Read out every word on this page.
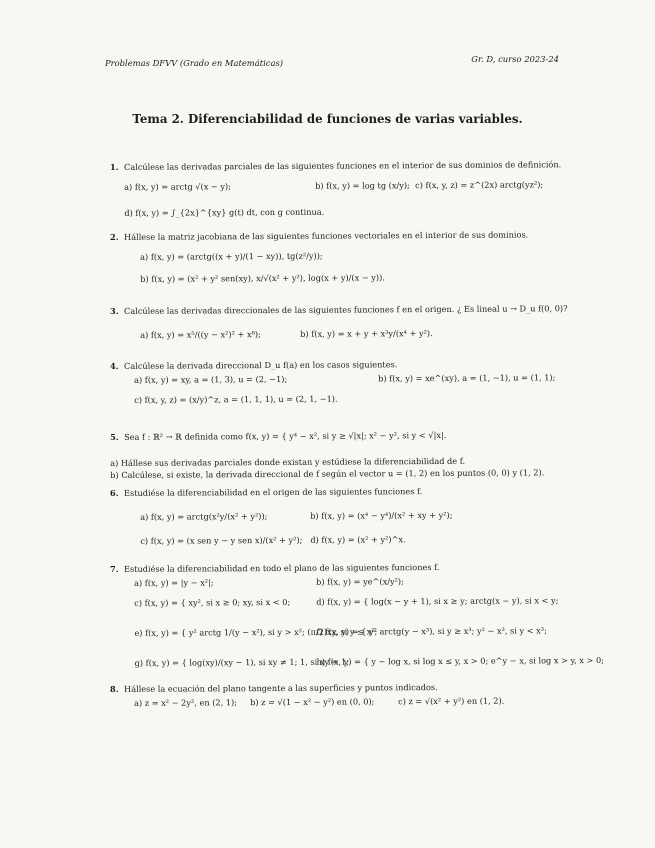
Problemas DFVV (Grado en Matemáticas)	Gr. D, curso 2023-24
Tema 2. Diferenciabilidad de funciones de varias variables.
1. Calcúlese las derivadas parciales de las siguientes funciones en el interior de sus dominios de definición.
a) f(x, y) = arctg √(x − y);	b) f(x, y) = log tg (x/y); c) f(x, y, z) = z^(2x) arctg(yz²);
d) f(x, y) = ∫_{2x}^{xy} g(t) dt, con g continua.
2. Hállese la matriz jacobiana de las siguientes funciones vectoriales en el interior de sus dominios.
a) f(x, y) = (arctg((x + y)/(1 − xy)), tg(z²/y));
b) f(x, y) = (x² + y² sen(xy), x/√(x² + y²), log(x + y)/(x − y)).
3. Calcúlese las derivadas direccionales de las siguientes funciones f en el origen. ¿ Es lineal u → D_u f(0, 0)?
a) f(x, y) = x⁵/((y − x²)² + x⁸);	b) f(x, y) = x + y + x³y/(x⁴ + y²).
4. Calcúlese la derivada direccional D_u f(a) en los casos siguientes.
a) f(x, y) = xy, a = (1, 3), u = (2, −1);	b) f(x, y) = xe^(xy), a = (1, −1), u = (1, 1);
c) f(x, y, z) = (x/y)^z, a = (1, 1, 1), u = (2, 1, −1).
5. Sea f : ℝ² → ℝ definida como f(x, y) = { y⁴ − x², si y ≥ √|x|; x² − y², si y < √|x|.
a) Hállese sus derivadas parciales donde existan y estúdiese la diferenciabilidad de f.
b) Calcúlese, si existe, la derivada direccional de f según el vector u = (1, 2) en los puntos (0, 0) y (1, 2).
6. Estudiése la diferenciabilidad en el origen de las siguientes funciones f.
a) f(x, y) = arctg(x²y/(x² + y²));	b) f(x, y) = (x⁴ − y⁴)/(x² + xy + y²);
c) f(x, y) = (x sen y − y sen x)/(x² + y²); d) f(x, y) = (x² + y²)^x.
7. Estudiése la diferenciabilidad en todo el plano de las siguientes funciones f.
a) f(x, y) = |y − x²|;	b) f(x, y) = ye^(x/y²);
c) f(x, y) = { xy², si x ≥ 0; xy, si x < 0;	d) f(x, y) = { log(x − y + 1), si x ≥ y; arctg(x − y), si x < y;
e) f(x, y) = { y² arctg 1/(y − x²), si y > x²; (π/2)xy, si y ≤ x²;
f) f(x, y) = { y² arctg(y − x³), si y ≥ x³; y² − x³, si y < x³;
g) f(x, y) = { log(xy)/(xy − 1), si xy ≠ 1; 1, si xy = 1;
h) f(x, y) = { y − log x, si log x ≤ y, x > 0; e^y − x, si log x > y, x > 0;
8. Hállese la ecuación del plano tangente a las superficies y puntos indicados.
a) z = x² − 2y², en (2, 1); b) z = √(1 − x² − y²) en (0, 0);	c) z = √(x² + y²) en (1, 2).
